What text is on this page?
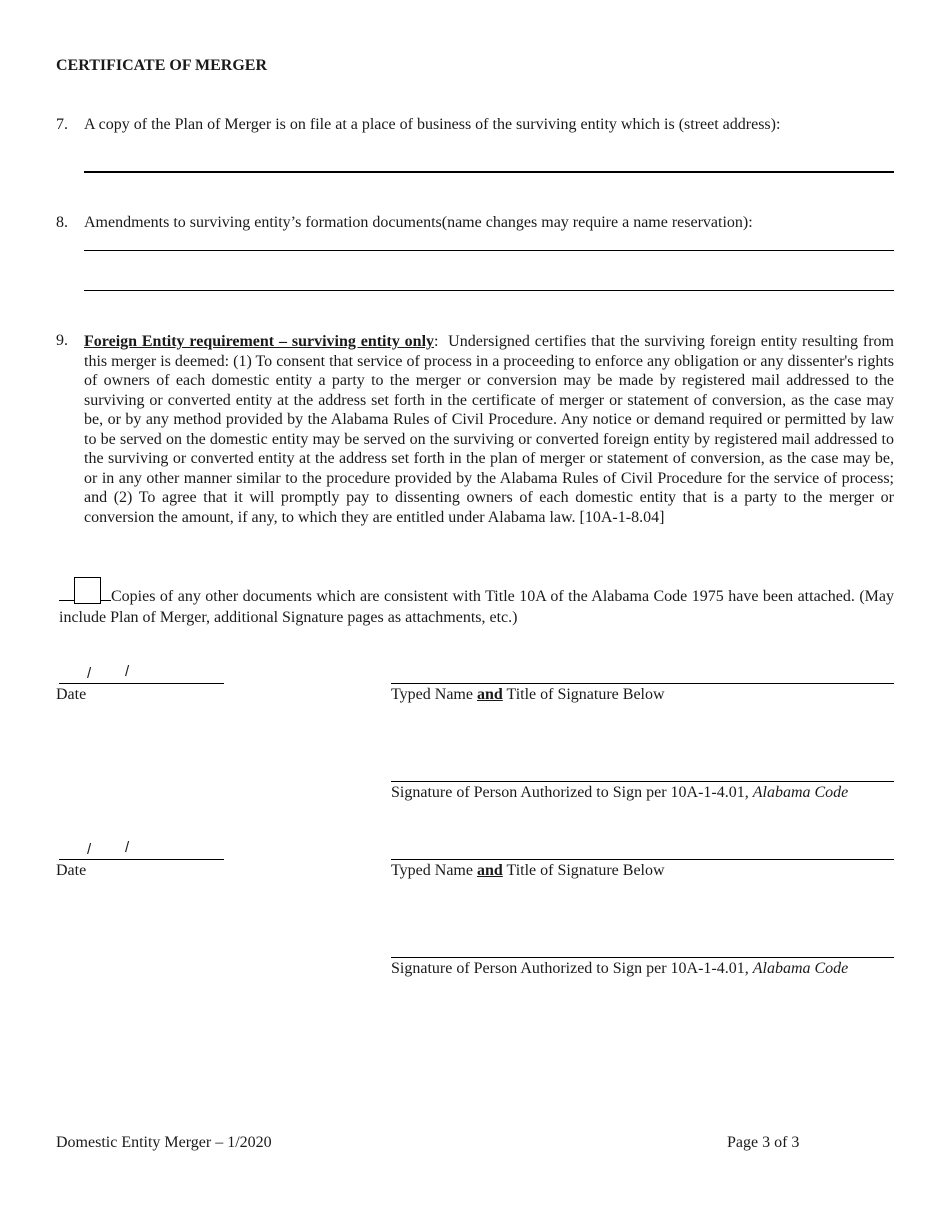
CERTIFICATE OF MERGER
7. A copy of the Plan of Merger is on file at a place of business of the surviving entity which is (street address):
8. Amendments to surviving entity’s formation documents(name changes may require a name reservation):
9. Foreign Entity requirement – surviving entity only:  Undersigned certifies that the surviving foreign entity resulting from this merger is deemed: (1) To consent that service of process in a proceeding to enforce any obligation or any dissenter's rights of owners of each domestic entity a party to the merger or conversion may be made by registered mail addressed to the surviving or converted entity at the address set forth in the certificate of merger or statement of conversion, as the case may be, or by any method provided by the Alabama Rules of Civil Procedure. Any notice or demand required or permitted by law to be served on the domestic entity may be served on the surviving or converted foreign entity by registered mail addressed to the surviving or converted entity at the address set forth in the plan of merger or statement of conversion, as the case may be, or in any other manner similar to the procedure provided by the Alabama Rules of Civil Procedure for the service of process; and (2) To agree that it will promptly pay to dissenting owners of each domestic entity that is a party to the merger or conversion the amount, if any, to which they are entitled under Alabama law. [10A-1-8.04]
Copies of any other documents which are consistent with Title 10A of the Alabama Code 1975 have been attached. (May include Plan of Merger, additional Signature pages as attachments, etc.)
/ /
Date	Typed Name and Title of Signature Below
Signature of Person Authorized to Sign per 10A-1-4.01, Alabama Code
/ /
Date	Typed Name and Title of Signature Below
Signature of Person Authorized to Sign per 10A-1-4.01, Alabama Code
Domestic Entity Merger – 1/2020	Page 3 of 3
